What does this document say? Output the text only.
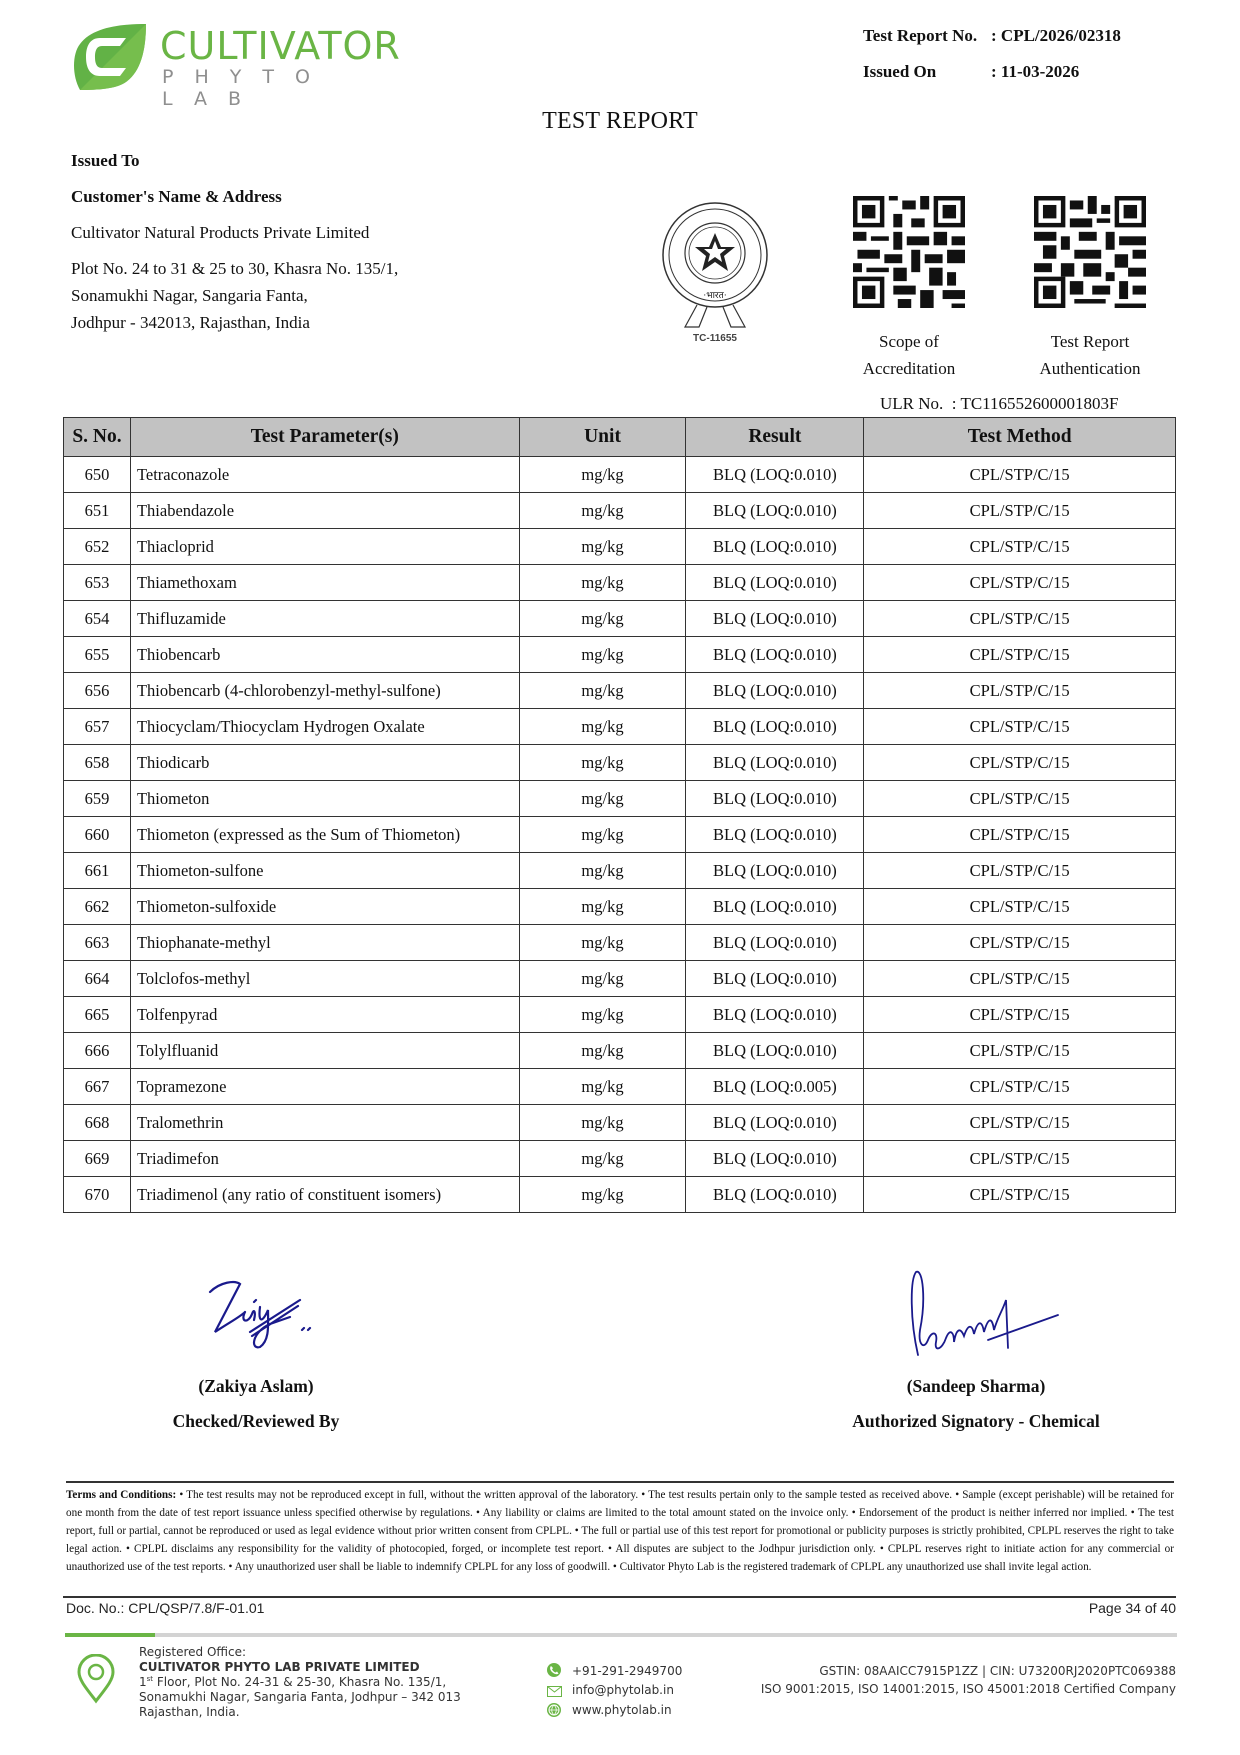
CULTIVATOR
PHYTO LAB
Test Report No. : CPL/2026/02318
Issued On	: 11-03-2026
TEST REPORT
Issued To
Customer's Name & Address
Cultivator Natural Products Private Limited
Plot No. 24 to 31 & 25 to 30, Khasra No. 135/1,
Sonamukhi Nagar, Sangaria Fanta,
Jodhpur - 342013, Rajasthan, India
·भारत·
TC-11655	Scope of
Accreditation
Test Report
Authentication
ULR No. : TC116552600001803F
S. No.	Test Parameter(s)	Unit	Result	Test Method
650	Tetraconazole	mg/kg	BLQ (LOQ:0.010)	CPL/STP/C/15
651	Thiabendazole	mg/kg	BLQ (LOQ:0.010)	CPL/STP/C/15
652	Thiacloprid	mg/kg	BLQ (LOQ:0.010)	CPL/STP/C/15
653	Thiamethoxam	mg/kg	BLQ (LOQ:0.010)	CPL/STP/C/15
654	Thifluzamide	mg/kg	BLQ (LOQ:0.010)	CPL/STP/C/15
655	Thiobencarb	mg/kg	BLQ (LOQ:0.010)	CPL/STP/C/15
656	Thiobencarb (4-chlorobenzyl-methyl-sulfone)	mg/kg	BLQ (LOQ:0.010)	CPL/STP/C/15
657	Thiocyclam/Thiocyclam Hydrogen Oxalate	mg/kg	BLQ (LOQ:0.010)	CPL/STP/C/15
658	Thiodicarb	mg/kg	BLQ (LOQ:0.010)	CPL/STP/C/15
659	Thiometon	mg/kg	BLQ (LOQ:0.010)	CPL/STP/C/15
660	Thiometon (expressed as the Sum of Thiometon)	mg/kg	BLQ (LOQ:0.010)	CPL/STP/C/15
661	Thiometon-sulfone	mg/kg	BLQ (LOQ:0.010)	CPL/STP/C/15
662	Thiometon-sulfoxide	mg/kg	BLQ (LOQ:0.010)	CPL/STP/C/15
663	Thiophanate-methyl	mg/kg	BLQ (LOQ:0.010)	CPL/STP/C/15
664	Tolclofos-methyl	mg/kg	BLQ (LOQ:0.010)	CPL/STP/C/15
665	Tolfenpyrad	mg/kg	BLQ (LOQ:0.010)	CPL/STP/C/15
666	Tolylfluanid	mg/kg	BLQ (LOQ:0.010)	CPL/STP/C/15
667	Topramezone	mg/kg	BLQ (LOQ:0.005)	CPL/STP/C/15
668	Tralomethrin	mg/kg	BLQ (LOQ:0.010)	CPL/STP/C/15
669	Triadimefon	mg/kg	BLQ (LOQ:0.010)	CPL/STP/C/15
670	Triadimenol (any ratio of constituent isomers)	mg/kg	BLQ (LOQ:0.010)	CPL/STP/C/15
(Zakiya Aslam)
Checked/Reviewed By
(Sandeep Sharma)
Authorized Signatory - Chemical
Terms and Conditions: • The test results may not be reproduced except in full, without the written approval of the laboratory. • The test results pertain only to the sample tested as received above. • Sample (except perishable) will be retained for one month from the date of test report issuance unless specified otherwise by regulations. • Any liability or claims are limited to the total amount stated on the invoice only. • Endorsement of the product is neither inferred nor implied. • The test report, full or partial, cannot be reproduced or used as legal evidence without prior written consent from CPLPL. • The full or partial use of this test report for promotional or publicity purposes is strictly prohibited, CPLPL reserves the right to take legal action. • CPLPL disclaims any responsibility for the validity of photocopied, forged, or incomplete test report. • All disputes are subject to the Jodhpur jurisdiction only. • CPLPL reserves right to initiate action for any commercial or unauthorized use of the test reports. • Any unauthorized user shall be liable to indemnify CPLPL for any loss of goodwill. • Cultivator Phyto Lab is the registered trademark of CPLPL any unauthorized use shall invite legal action.
Doc. No.: CPL/QSP/7.8/F-01.01	Page 34 of 40
Registered Office:
CULTIVATOR PHYTO LAB PRIVATE LIMITED
1st Floor, Plot No. 24-31 & 25-30, Khasra No. 135/1,
Sonamukhi Nagar, Sangaria Fanta, Jodhpur – 342 013
Rajasthan, India.
+91-291-2949700
info@phytolab.in
www.phytolab.in
GSTIN: 08AAICC7915P1ZZ | CIN: U73200RJ2020PTC069388
ISO 9001:2015, ISO 14001:2015, ISO 45001:2018 Certified Company
